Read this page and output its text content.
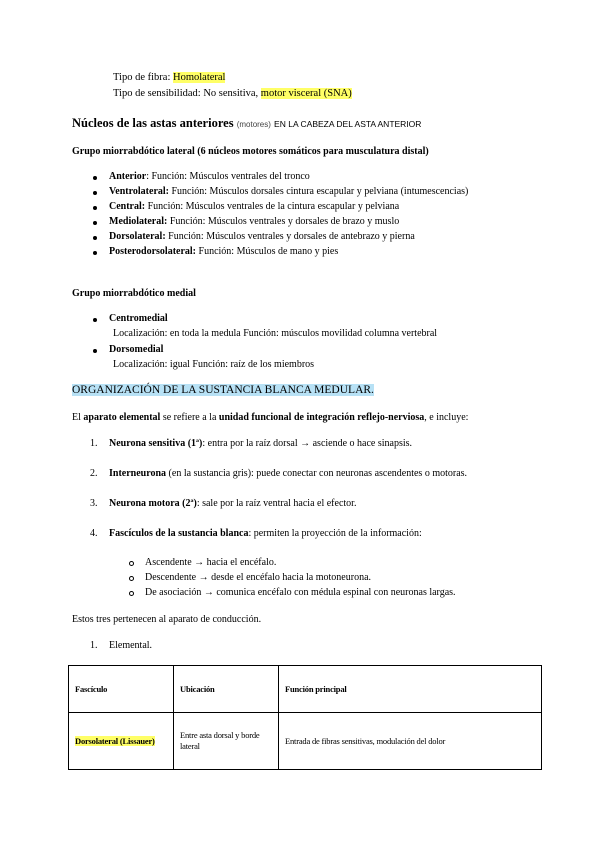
Tipo de fibra: Homolateral
Tipo de sensibilidad: No sensitiva, motor visceral (SNA)
Núcleos de las astas anteriores (motores) EN LA CABEZA DEL ASTA ANTERIOR
Grupo miorrabdótico lateral (6 núcleos motores somáticos para musculatura distal)
Anterior: Función: Músculos ventrales del tronco
Ventrolateral: Función: Músculos dorsales cintura escapular y pelviana (intumescencias)
Central: Función: Músculos ventrales de la cintura escapular y pelviana
Mediolateral: Función: Músculos ventrales y dorsales de brazo y muslo
Dorsolateral: Función: Músculos ventrales y dorsales de antebrazo y pierna
Posterodorsolateral: Función: Músculos de mano y pies
Grupo miorrabdótico medial
Centromedial
Localización: en toda la medula Función: músculos movilidad columna vertebral
Dorsomedial
Localización: igual Función: raíz de los miembros
ORGANIZACIÓN DE LA SUSTANCIA BLANCA MEDULAR.
El aparato elemental se refiere a la unidad funcional de integración reflejo-nerviosa, e incluye:
1. Neurona sensitiva (1ª): entra por la raíz dorsal → asciende o hace sinapsis.
2. Interneurona (en la sustancia gris): puede conectar con neuronas ascendentes o motoras.
3. Neurona motora (2ª): sale por la raíz ventral hacia el efector.
4. Fascículos de la sustancia blanca: permiten la proyección de la información:
Ascendente → hacia el encéfalo.
Descendente → desde el encéfalo hacia la motoneurona.
De asociación → comunica encéfalo con médula espinal con neuronas largas.
Estos tres pertenecen al aparato de conducción.
1. Elemental.
Fascículo	Ubicación	Función principal
Dorsolateral (Lissauer)	Entre asta dorsal y borde lateral	Entrada de fibras sensitivas, modulación del dolor
